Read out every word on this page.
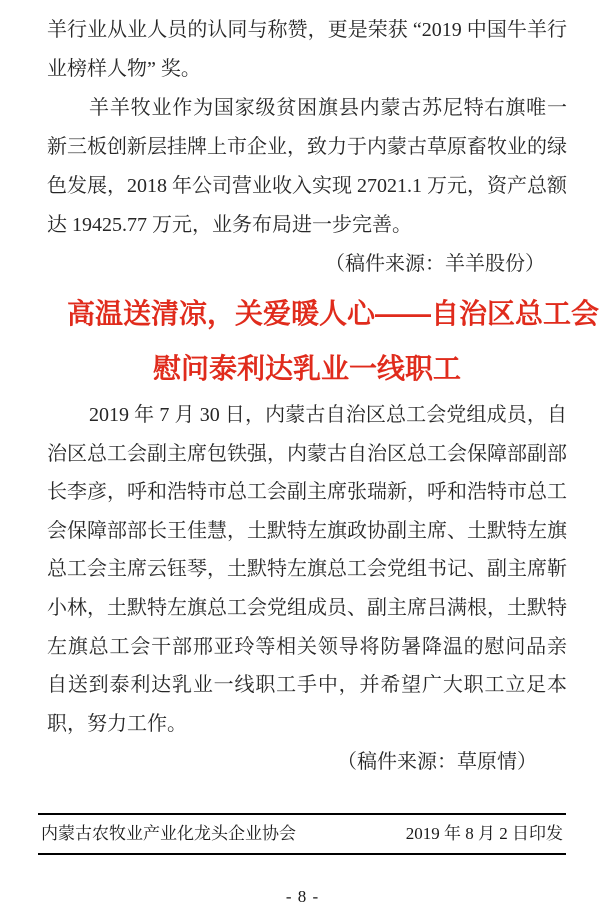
羊行业从业人员的认同与称赞，更是荣获 “2019 中国牛羊行
业榜样人物” 奖。
羊羊牧业作为国家级贫困旗县内蒙古苏尼特右旗唯一
新三板创新层挂牌上市企业，致力于内蒙古草原畜牧业的绿
色发展，2018 年公司营业收入实现 27021.1 万元，资产总额
达 19425.77 万元，业务布局进一步完善。
（稿件来源：羊羊股份）
高温送清凉，关爱暖人心——自治区总工会
慰问泰利达乳业一线职工
2019 年 7 月 30 日，内蒙古自治区总工会党组成员，自
治区总工会副主席包铁强，内蒙古自治区总工会保障部副部
长李彦，呼和浩特市总工会副主席张瑞新，呼和浩特市总工
会保障部部长王佳慧，土默特左旗政协副主席、土默特左旗
总工会主席云钰琴，土默特左旗总工会党组书记、副主席靳
小林，土默特左旗总工会党组成员、副主席吕满根，土默特
左旗总工会干部邢亚玲等相关领导将防暑降温的慰问品亲
自送到泰利达乳业一线职工手中，并希望广大职工立足本
职，努力工作。
（稿件来源：草原情）
内蒙古农牧业产业化龙头企业协会	2019 年 8 月 2 日印发
- 8 -
